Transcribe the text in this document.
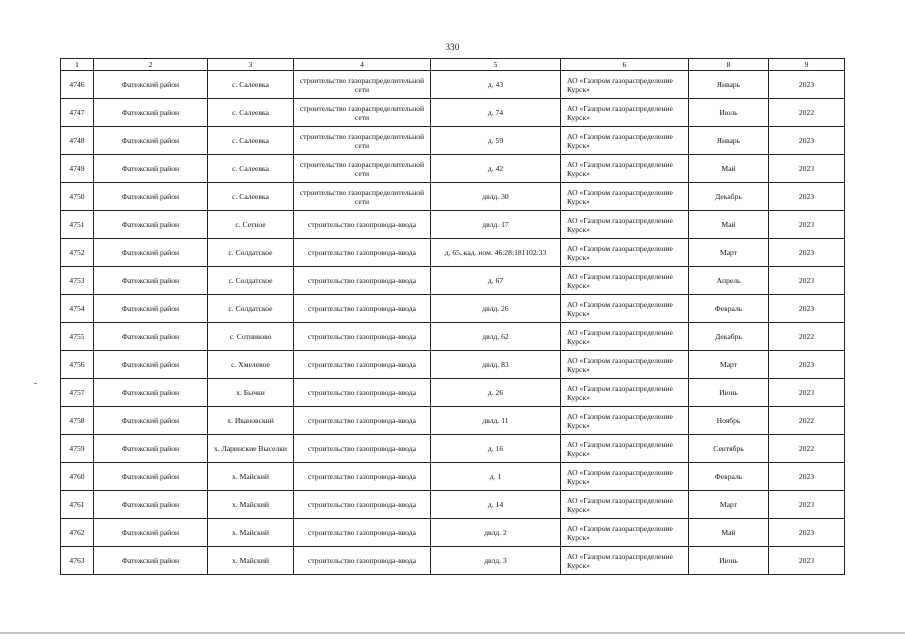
330
1	2	3	4	5	6	8	9
4746	Фатежский район	с. Салеевка	строительство газораспределительной сети	д. 43	АО «Газпром газораспределение Курск»	Январь	2023
4747	Фатежский район	с. Салеевка	строительство газораспределительной сети	д. 74	АО «Газпром газораспределение Курск»	Июль	2022
4748	Фатежский район	с. Салеевка	строительство газораспределительной сети	д. 59	АО «Газпром газораспределение Курск»	Январь	2023
4749	Фатежский район	с. Салеевка	строительство газораспределительной сети	д. 42	АО «Газпром газораспределение Курск»	Май	2023
4750	Фатежский район	с. Салеевка	строительство газораспределительной сети	двлд. 30	АО «Газпром газораспределение Курск»	Декабрь	2023
4751	Фатежский район	с. Сетное	строительство газопровода-ввода	двлд. 17	АО «Газпром газораспределение Курск»	Май	2023
4752	Фатежский район	с. Солдатское	строительство газопровода-ввода	д. 65, кад. ном. 46:28:181102:33	АО «Газпром газораспределение Курск»	Март	2023
4753	Фатежский район	с. Солдатское	строительство газопровода-ввода	д. 67	АО «Газпром газораспределение Курск»	Апрель	2023
4754	Фатежский район	с. Солдатское	строительство газопровода-ввода	двлд. 26	АО «Газпром газораспределение Курск»	Февраль	2023
4755	Фатежский район	с. Сотниково	строительство газопровода-ввода	двлд. 62	АО «Газпром газораспределение Курск»	Декабрь	2022
4756	Фатежский район	с. Хмелевое	строительство газопровода-ввода	двлд. 83	АО «Газпром газораспределение Курск»	Март	2023
4757	Фатежский район	х. Бычки	строительство газопровода-ввода	д. 26	АО «Газпром газораспределение Курск»	Июнь	2023
4758	Фатежский район	х. Ивановский	строительство газопровода-ввода	двлд. 11	АО «Газпром газораспределение Курск»	Ноябрь	2022
4759	Фатежский район	х. Ларинские Выселки	строительство газопровода-ввода	д. 16	АО «Газпром газораспределение Курск»	Сентябрь	2022
4760	Фатежский район	х. Майский	строительство газопровода-ввода	д. 1	АО «Газпром газораспределение Курск»	Февраль	2023
4761	Фатежский район	х. Майский	строительство газопровода-ввода	д. 14	АО «Газпром газораспределение Курск»	Март	2023
4762	Фатежский район	х. Майский	строительство газопровода-ввода	двлд. 2	АО «Газпром газораспределение Курск»	Май	2023
4763	Фатежский район	х. Майский	строительство газопровода-ввода	двлд. 3	АО «Газпром газораспределение Курск»	Июнь	2023
